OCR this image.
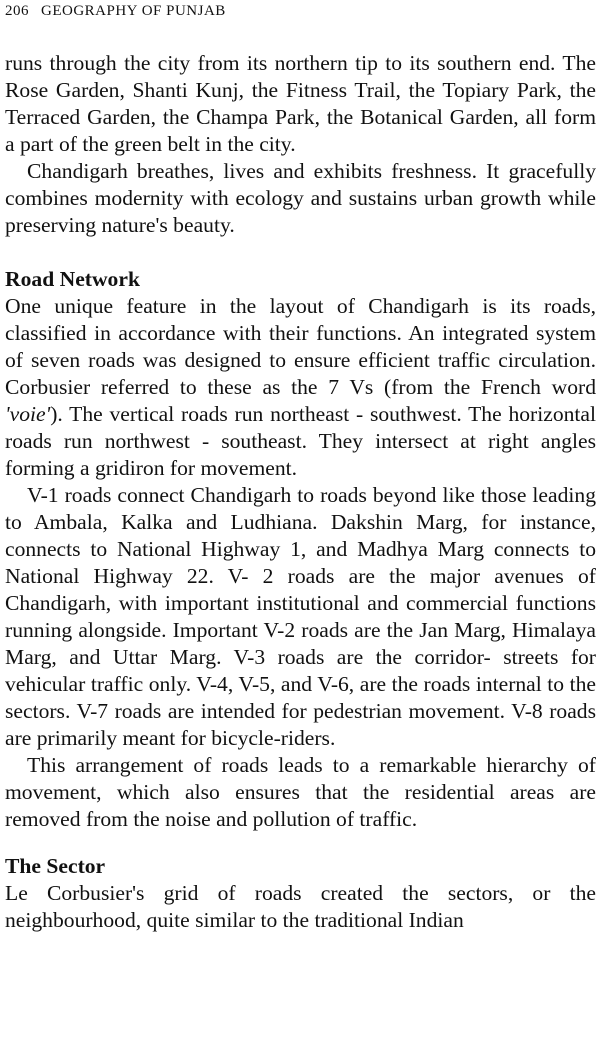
206 GEOGRAPHY OF PUNJAB

runs through the city from its northern tip to its southern end. The Rose Garden, Shanti Kunj, the Fitness Trail, the Topiary Park, the Terraced Garden, the Champa Park, the Botanical Garden, all form a part of the green belt in the city.

Chandigarh breathes, lives and exhibits freshness. It gracefully combines modernity with ecology and sustains urban growth while preserving nature's beauty.

Road Network

One unique feature in the layout of Chandigarh is its roads, classified in accordance with their functions. An integrated system of seven roads was designed to ensure efficient traffic circulation. Corbusier referred to these as the 7 Vs (from the French word 'voie'). The vertical roads run northeast - southwest. The horizontal roads run northwest - southeast. They intersect at right angles forming a gridiron for movement.

V-1 roads connect Chandigarh to roads beyond like those leading to Ambala, Kalka and Ludhiana. Dakshin Marg, for instance, connects to National Highway 1, and Madhya Marg connects to National Highway 22. V- 2 roads are the major avenues of Chandigarh, with important institutional and commercial functions running alongside. Important V-2 roads are the Jan Marg, Himalaya Marg, and Uttar Marg. V-3 roads are the corridor- streets for vehicular traffic only. V-4, V-5, and V-6, are the roads internal to the sectors. V-7 roads are intended for pedestrian movement. V-8 roads are primarily meant for bicycle-riders.

This arrangement of roads leads to a remarkable hierarchy of movement, which also ensures that the residential areas are removed from the noise and pollution of traffic.

The Sector

Le Corbusier's grid of roads created the sectors, or the neighbourhood, quite similar to the traditional Indian
